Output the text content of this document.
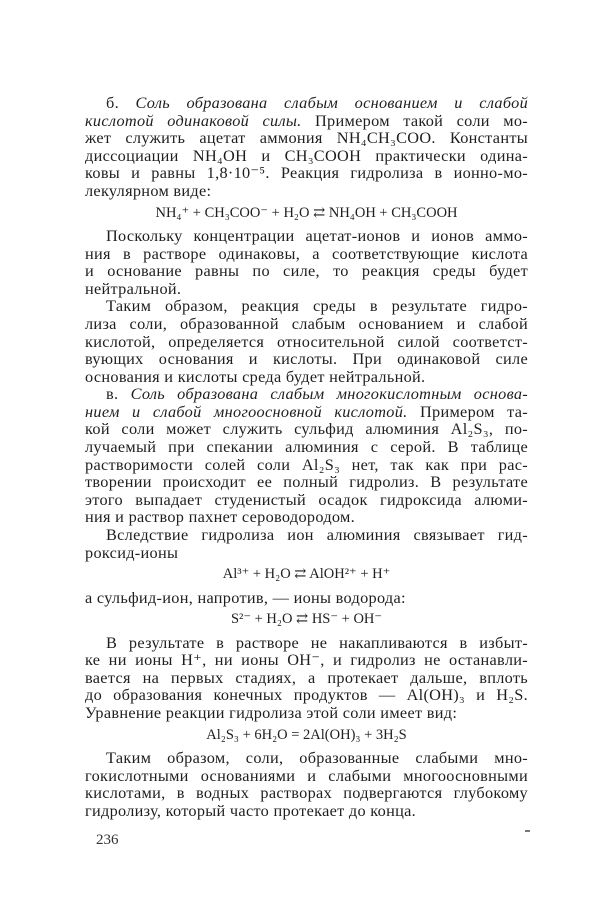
б. Соль образована слабым основанием и слабой
кислотой одинаковой силы. Примером такой соли мо-
жет служить ацетат аммония NH₄CH₃COO. Константы
диссоциации NH₄OH и CH₃COOH практически одина-
ковы и равны 1,8·10⁻⁵. Реакция гидролиза в ионно-мо-
лекулярном виде:
NH₄⁺ + CH₃COO⁻ + H₂O ⇄ NH₄OH + CH₃COOH
Поскольку концентрации ацетат-ионов и ионов аммо-
ния в растворе одинаковы, а соответствующие кислота
и основание равны по силе, то реакция среды будет
нейтральной.
Таким образом, реакция среды в результате гидро-
лиза соли, образованной слабым основанием и слабой
кислотой, определяется относительной силой соответст-
вующих основания и кислоты. При одинаковой силе
основания и кислоты среда будет нейтральной.
в. Соль образована слабым многокислотным основа-
нием и слабой многоосновной кислотой. Примером та-
кой соли может служить сульфид алюминия Al₂S₃, по-
лучаемый при спекании алюминия с серой. В таблице
растворимости солей соли Al₂S₃ нет, так как при рас-
творении происходит ее полный гидролиз. В результате
этого выпадает студенистый осадок гидроксида алюми-
ния и раствор пахнет сероводородом.
Вследствие гидролиза ион алюминия связывает гид-
роксид-ионы
Al³⁺ + H₂O ⇄ AlOH²⁺ + H⁺
а сульфид-ион, напротив, — ионы водорода:
S²⁻ + H₂O ⇄ HS⁻ + OH⁻
В результате в растворе не накапливаются в избыт-
ке ни ионы H⁺, ни ионы OH⁻, и гидролиз не останавли-
вается на первых стадиях, а протекает дальше, вплоть
до образования конечных продуктов — Al(OH)₃ и H₂S.
Уравнение реакции гидролиза этой соли имеет вид:
Al₂S₃ + 6H₂O = 2Al(OH)₃ + 3H₂S
Таким образом, соли, образованные слабыми мно-
гокислотными основаниями и слабыми многоосновными
кислотами, в водных растворах подвергаются глубокому
гидролизу, который часто протекает до конца.
236
